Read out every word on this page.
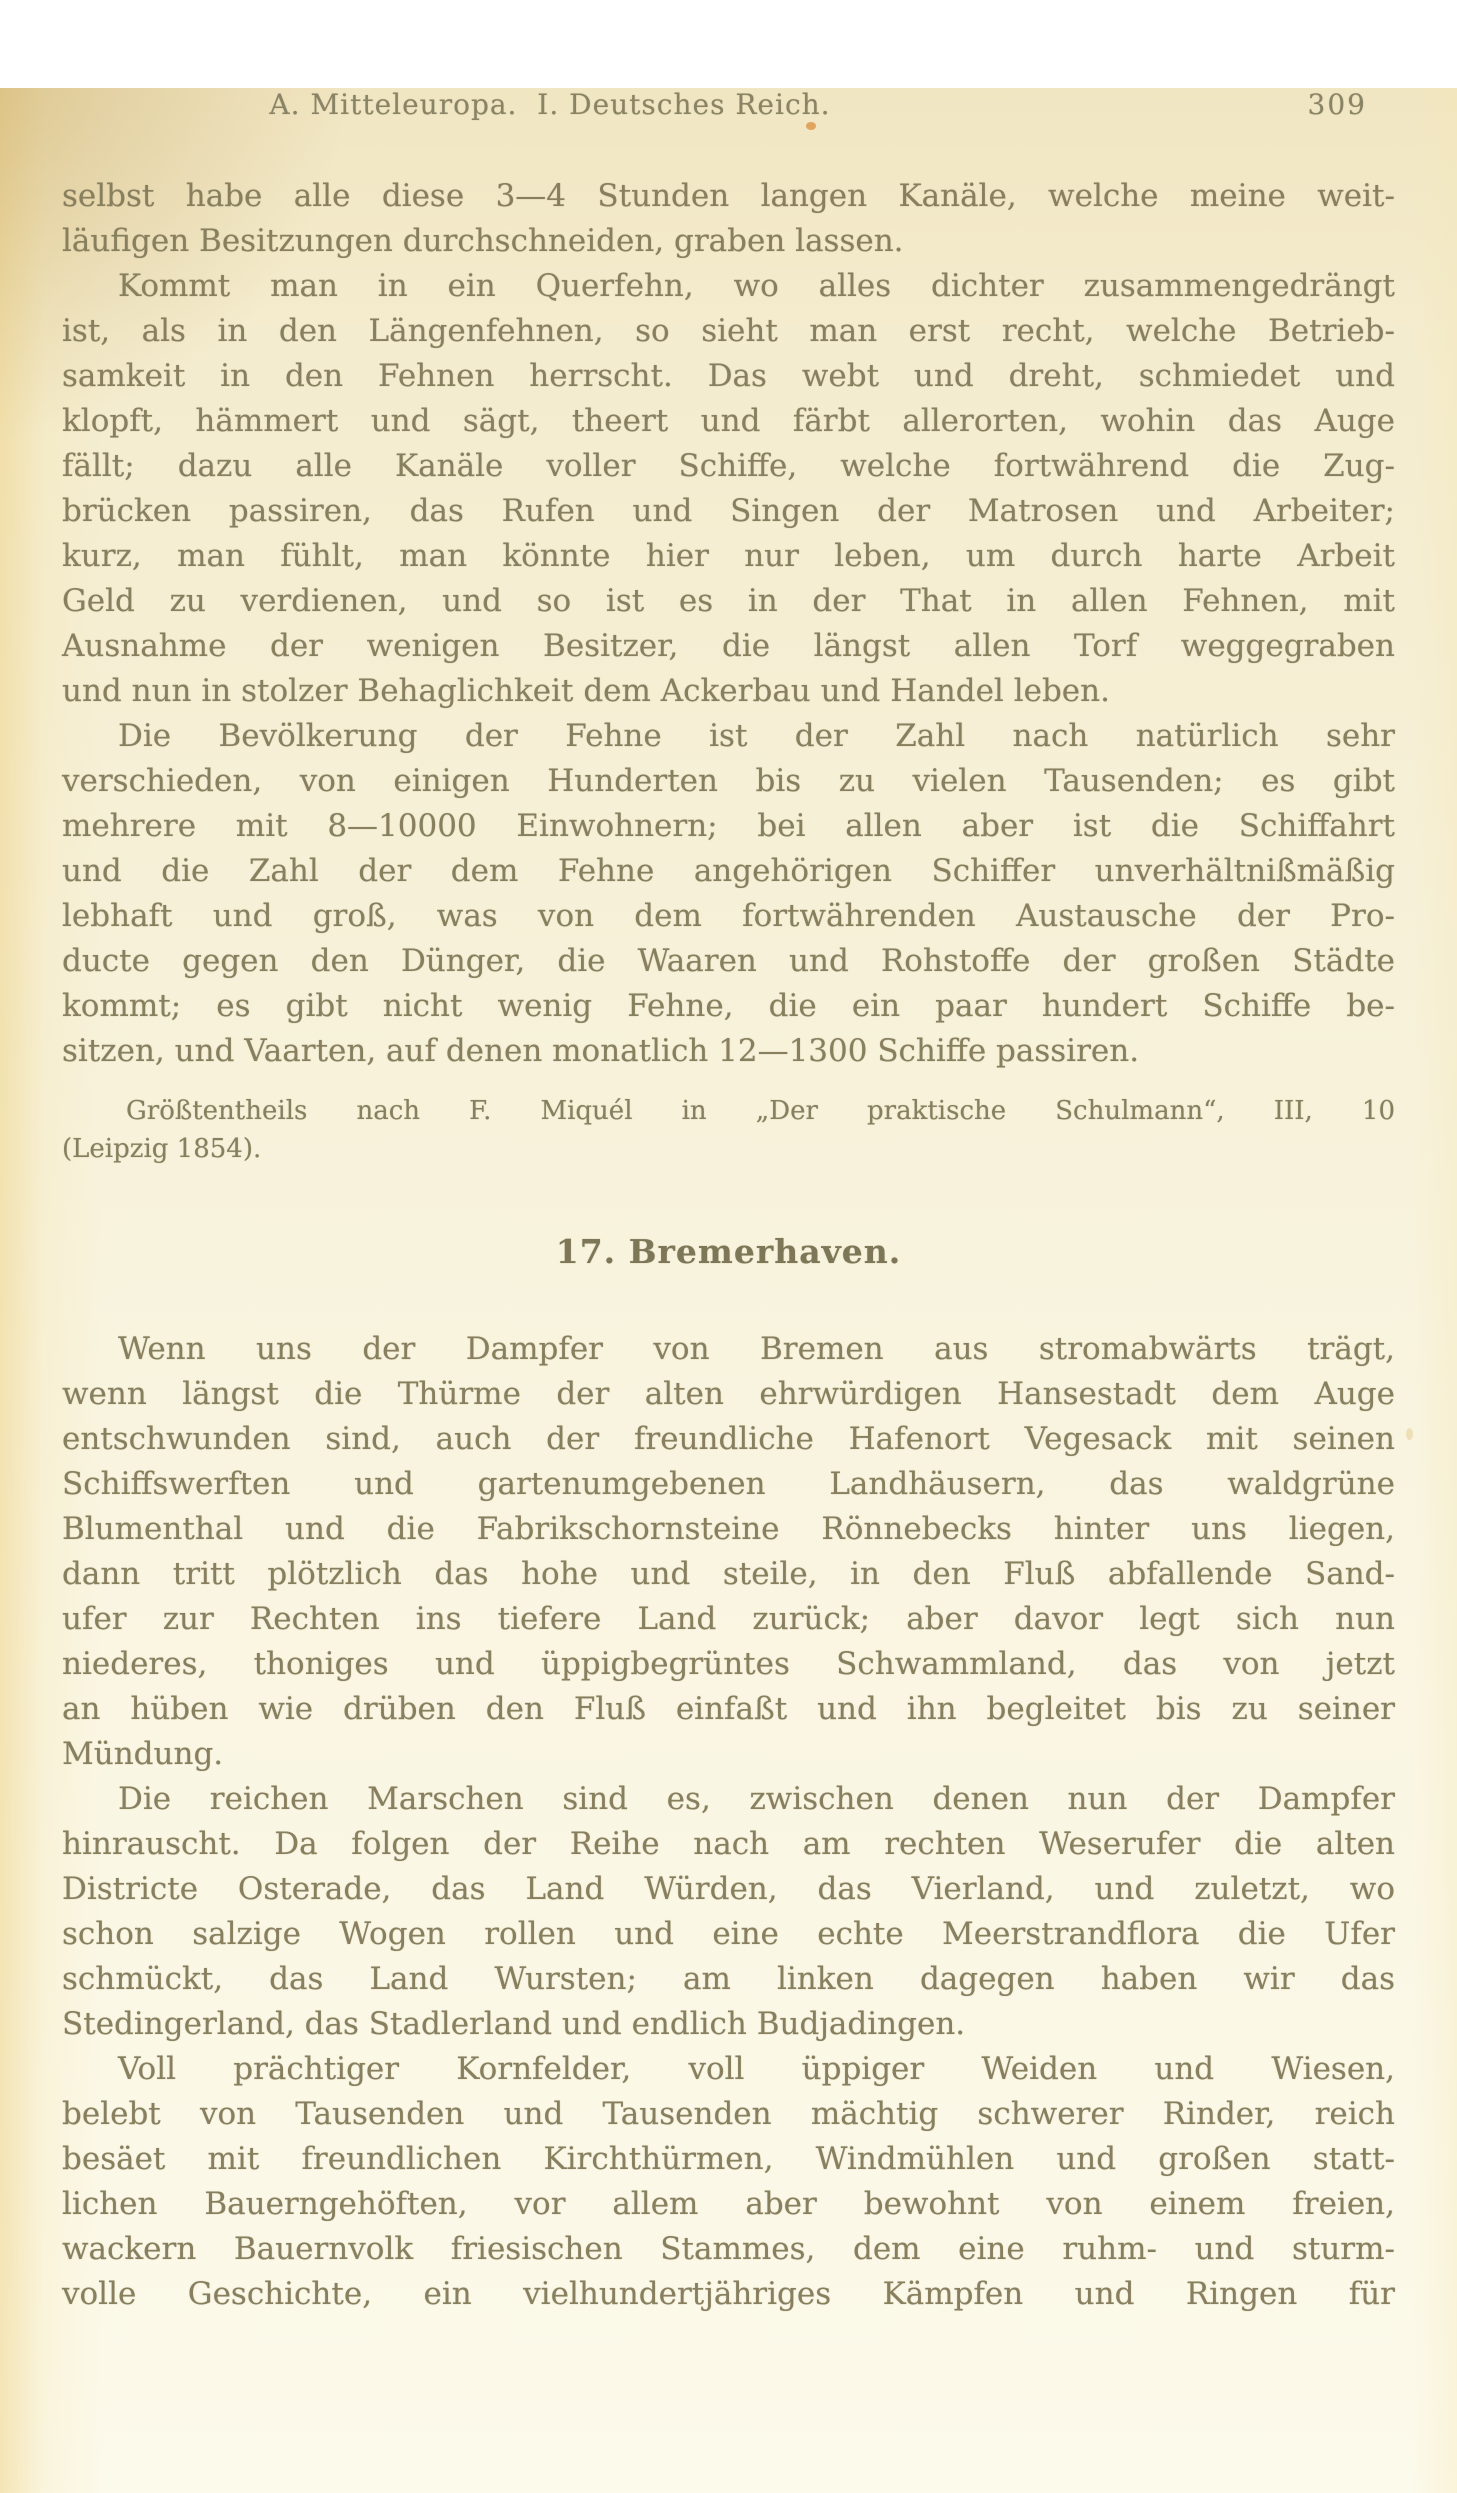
A. Mitteleuropa.  I. Deutsches Reich.	309
selbst habe alle diese 3—4 Stunden langen Kanäle, welche meine weit-
läufigen Besitzungen durchschneiden, graben lassen.
Kommt man in ein Querfehn, wo alles dichter zusammengedrängt
ist, als in den Längenfehnen, so sieht man erst recht, welche Betrieb-
samkeit in den Fehnen herrscht. Das webt und dreht, schmiedet und
klopft, hämmert und sägt, theert und färbt allerorten, wohin das Auge
fällt; dazu alle Kanäle voller Schiffe, welche fortwährend die Zug-
brücken passiren, das Rufen und Singen der Matrosen und Arbeiter;
kurz, man fühlt, man könnte hier nur leben, um durch harte Arbeit
Geld zu verdienen, und so ist es in der That in allen Fehnen, mit
Ausnahme der wenigen Besitzer, die längst allen Torf weggegraben
und nun in stolzer Behaglichkeit dem Ackerbau und Handel leben.
Die Bevölkerung der Fehne ist der Zahl nach natürlich sehr
verschieden, von einigen Hunderten bis zu vielen Tausenden; es gibt
mehrere mit 8—10000 Einwohnern; bei allen aber ist die Schiffahrt
und die Zahl der dem Fehne angehörigen Schiffer unverhältnißmäßig
lebhaft und groß, was von dem fortwährenden Austausche der Pro-
ducte gegen den Dünger, die Waaren und Rohstoffe der großen Städte
kommt; es gibt nicht wenig Fehne, die ein paar hundert Schiffe be-
sitzen, und Vaarten, auf denen monatlich 12—1300 Schiffe passiren.
Größtentheils nach F. Miquél in „Der praktische Schulmann“, III, 10
(Leipzig 1854).
17. Bremerhaven.
Wenn uns der Dampfer von Bremen aus stromabwärts trägt,
wenn längst die Thürme der alten ehrwürdigen Hansestadt dem Auge
entschwunden sind, auch der freundliche Hafenort Vegesack mit seinen
Schiffswerften und gartenumgebenen Landhäusern, das waldgrüne
Blumenthal und die Fabrikschornsteine Rönnebecks hinter uns liegen,
dann tritt plötzlich das hohe und steile, in den Fluß abfallende Sand-
ufer zur Rechten ins tiefere Land zurück; aber davor legt sich nun
niederes, thoniges und üppigbegrüntes Schwammland, das von jetzt
an hüben wie drüben den Fluß einfaßt und ihn begleitet bis zu seiner
Mündung.
Die reichen Marschen sind es, zwischen denen nun der Dampfer
hinrauscht. Da folgen der Reihe nach am rechten Weserufer die alten
Districte Osterade, das Land Würden, das Vierland, und zuletzt, wo
schon salzige Wogen rollen und eine echte Meerstrandflora die Ufer
schmückt, das Land Wursten; am linken dagegen haben wir das
Stedingerland, das Stadlerland und endlich Budjadingen.
Voll prächtiger Kornfelder, voll üppiger Weiden und Wiesen,
belebt von Tausenden und Tausenden mächtig schwerer Rinder, reich
besäet mit freundlichen Kirchthürmen, Windmühlen und großen statt-
lichen Bauerngehöften, vor allem aber bewohnt von einem freien,
wackern Bauernvolk friesischen Stammes, dem eine ruhm- und sturm-
volle Geschichte, ein vielhundertjähriges Kämpfen und Ringen für
